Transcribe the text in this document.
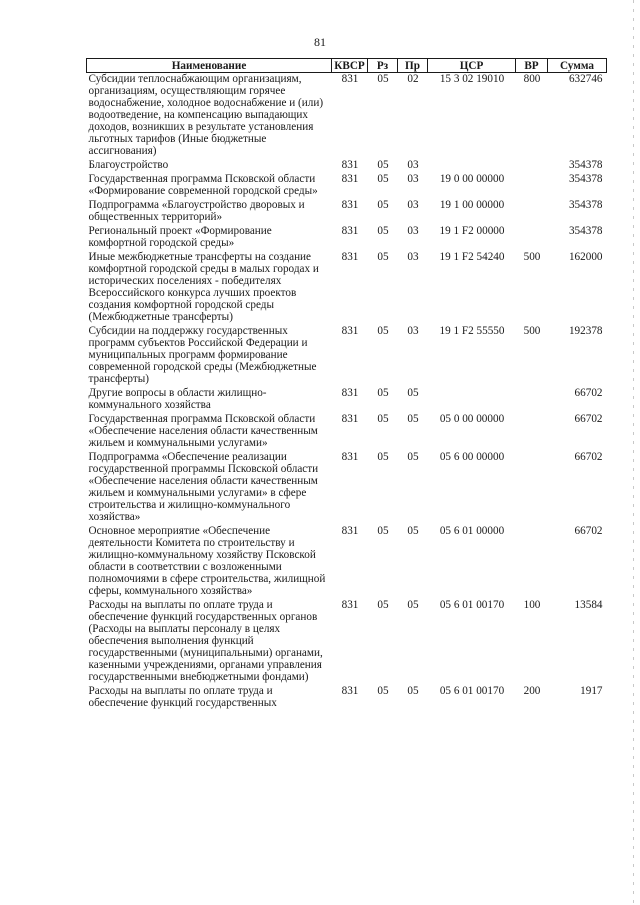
81
Наименование	КВСР	Рз	Пр	ЦСР	ВР	Сумма
Субсидии теплоснабжающим организациям, организациям, осуществляющим горячее водоснабжение, холодное водоснабжение и (или) водоотведение, на компенсацию выпадающих доходов, возникших в результате установления льготных тарифов (Иные бюджетные ассигнования)	831	05	02	15 3 02 19010	800	632746
Благоустройство	831	05	03			354378
Государственная программа Псковской области «Формирование современной городской среды»	831	05	03	19 0 00 00000		354378
Подпрограмма «Благоустройство дворовых и общественных территорий»	831	05	03	19 1 00 00000		354378
Региональный проект «Формирование комфортной городской среды»	831	05	03	19 1 F2 00000		354378
Иные межбюджетные трансферты на создание комфортной городской среды в малых городах и исторических поселениях - победителях Всероссийского конкурса лучших проектов создания комфортной городской среды (Межбюджетные трансферты)	831	05	03	19 1 F2 54240	500	162000
Субсидии на поддержку государственных программ субъектов Российской Федерации и муниципальных программ формирование современной городской среды (Межбюджетные трансферты)	831	05	03	19 1 F2 55550	500	192378
Другие вопросы в области жилищно-коммунального хозяйства	831	05	05			66702
Государственная программа Псковской области «Обеспечение населения области качественным жильем и коммунальными услугами»	831	05	05	05 0 00 00000		66702
Подпрограмма «Обеспечение реализации государственной программы Псковской области «Обеспечение населения области качественным жильем и коммунальными услугами» в сфере строительства и жилищно-коммунального хозяйства»	831	05	05	05 6 00 00000		66702
Основное мероприятие «Обеспечение деятельности Комитета по строительству и жилищно-коммунальному хозяйству Псковской области в соответствии с возложенными полномочиями в сфере строительства, жилищной сферы, коммунального хозяйства»	831	05	05	05 6 01 00000		66702
Расходы на выплаты по оплате труда и обеспечение функций государственных органов (Расходы на выплаты персоналу в целях обеспечения выполнения функций государственными (муниципальными) органами, казенными учреждениями, органами управления государственными внебюджетными фондами)	831	05	05	05 6 01 00170	100	13584
Расходы на выплаты по оплате труда и обеспечение функций государственных	831	05	05	05 6 01 00170	200	1917
